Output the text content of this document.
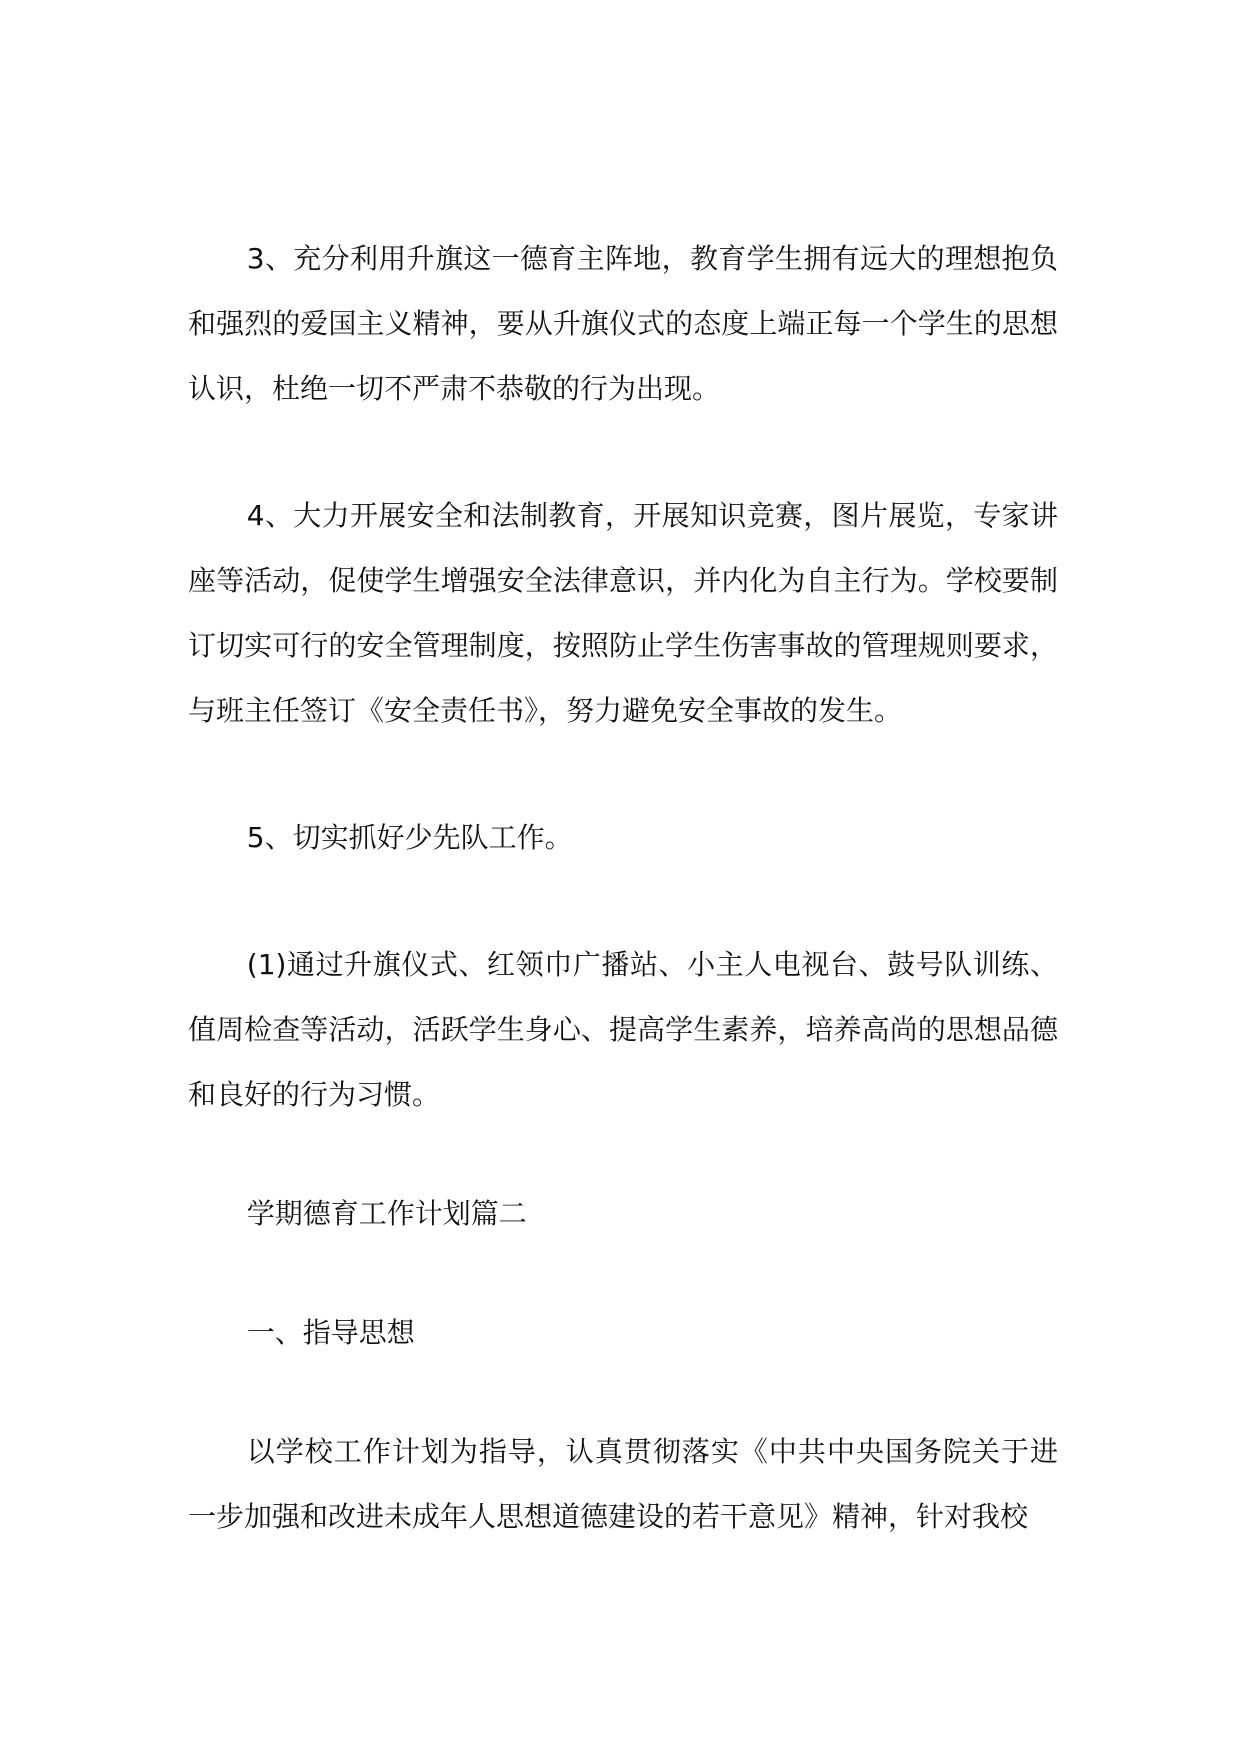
3、充分利用升旗这一德育主阵地，教育学生拥有远大的理想抱负和强烈的爱国主义精神，要从升旗仪式的态度上端正每一个学生的思想认识，杜绝一切不严肃不恭敬的行为出现。

4、大力开展安全和法制教育，开展知识竞赛，图片展览，专家讲座等活动，促使学生增强安全法律意识，并内化为自主行为。学校要制订切实可行的安全管理制度，按照防止学生伤害事故的管理规则要求，与班主任签订《安全责任书》，努力避免安全事故的发生。

5、切实抓好少先队工作。

(1)通过升旗仪式、红领巾广播站、小主人电视台、鼓号队训练、值周检查等活动，活跃学生身心、提高学生素养，培养高尚的思想品德和良好的行为习惯。

学期德育工作计划篇二

一、指导思想

以学校工作计划为指导，认真贯彻落实《中共中央国务院关于进一步加强和改进未成年人思想道德建设的若干意见》精神，针对我校
